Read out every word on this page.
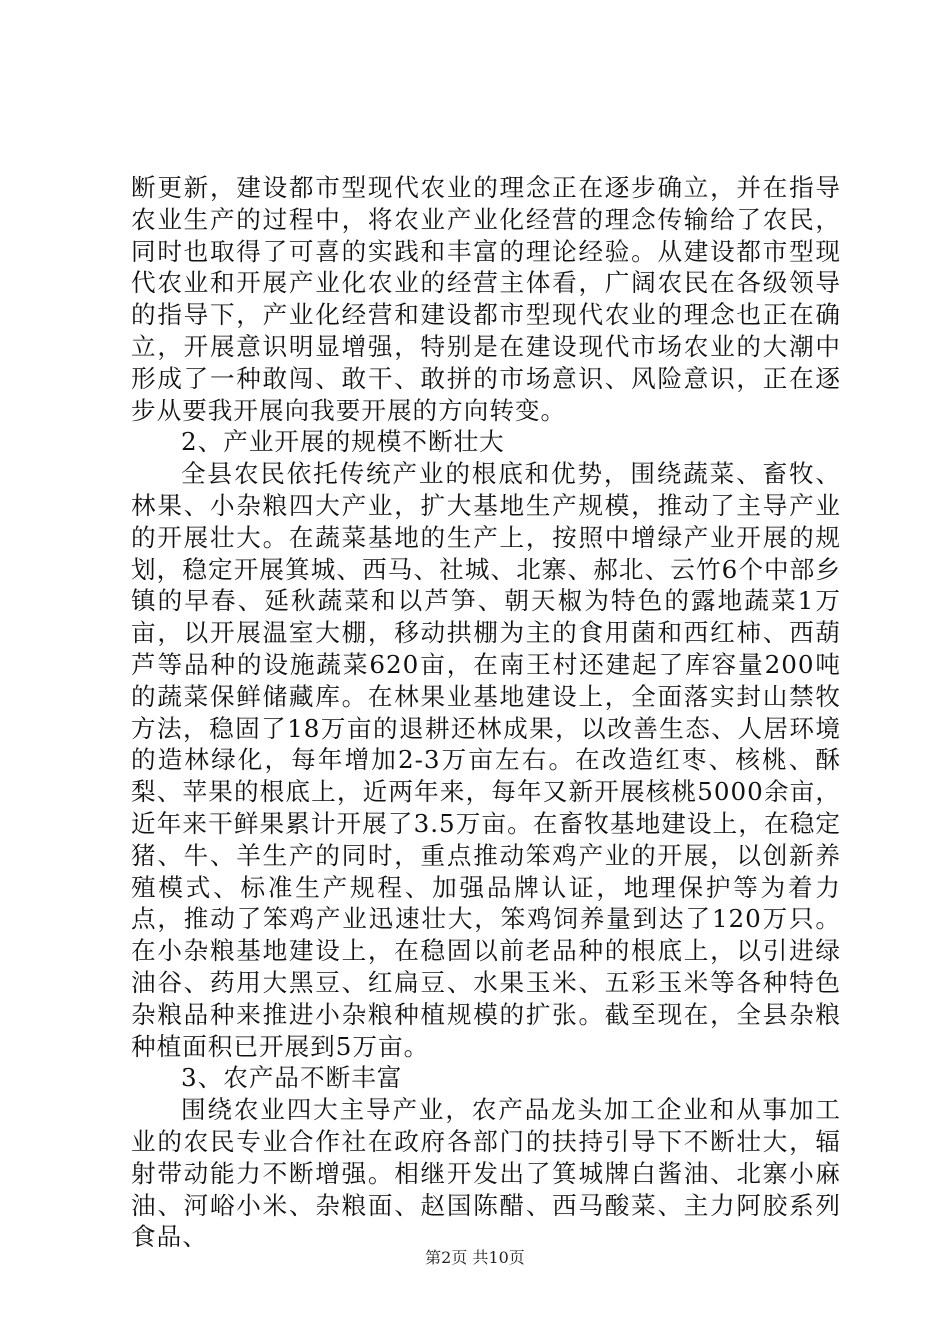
断更新，建设都市型现代农业的理念正在逐步确立，并在指导农业生产的过程中，将农业产业化经营的理念传输给了农民，同时也取得了可喜的实践和丰富的理论经验。从建设都市型现代农业和开展产业化农业的经营主体看，广阔农民在各级领导的指导下，产业化经营和建设都市型现代农业的理念也正在确立，开展意识明显增强，特别是在建设现代市场农业的大潮中形成了一种敢闯、敢干、敢拼的市场意识、风险意识，正在逐步从要我开展向我要开展的方向转变。

2、产业开展的规模不断壮大

全县农民依托传统产业的根底和优势，围绕蔬菜、畜牧、林果、小杂粮四大产业，扩大基地生产规模，推动了主导产业的开展壮大。在蔬菜基地的生产上，按照中增绿产业开展的规划，稳定开展箕城、西马、社城、北寨、郝北、云竹6个中部乡镇的早春、延秋蔬菜和以芦笋、朝天椒为特色的露地蔬菜1万亩，以开展温室大棚，移动拱棚为主的食用菌和西红柿、西葫芦等品种的设施蔬菜620亩，在南王村还建起了库容量200吨的蔬菜保鲜储藏库。在林果业基地建设上，全面落实封山禁牧方法，稳固了18万亩的退耕还林成果，以改善生态、人居环境的造林绿化，每年增加2-3万亩左右。在改造红枣、核桃、酥梨、苹果的根底上，近两年来，每年又新开展核桃5000余亩，近年来干鲜果累计开展了3.5万亩。在畜牧基地建设上，在稳定猪、牛、羊生产的同时，重点推动笨鸡产业的开展，以创新养殖模式、标准生产规程、加强品牌认证，地理保护等为着力点，推动了笨鸡产业迅速壮大，笨鸡饲养量到达了120万只。在小杂粮基地建设上，在稳固以前老品种的根底上，以引进绿油谷、药用大黑豆、红扁豆、水果玉米、五彩玉米等各种特色杂粮品种来推进小杂粮种植规模的扩张。截至现在，全县杂粮种植面积已开展到5万亩。

3、农产品不断丰富

围绕农业四大主导产业，农产品龙头加工企业和从事加工业的农民专业合作社在政府各部门的扶持引导下不断壮大，辐射带动能力不断增强。相继开发出了箕城牌白酱油、北寨小麻油、河峪小米、杂粮面、赵国陈醋、西马酸菜、主力阿胶系列食品、

第2页 共10页
